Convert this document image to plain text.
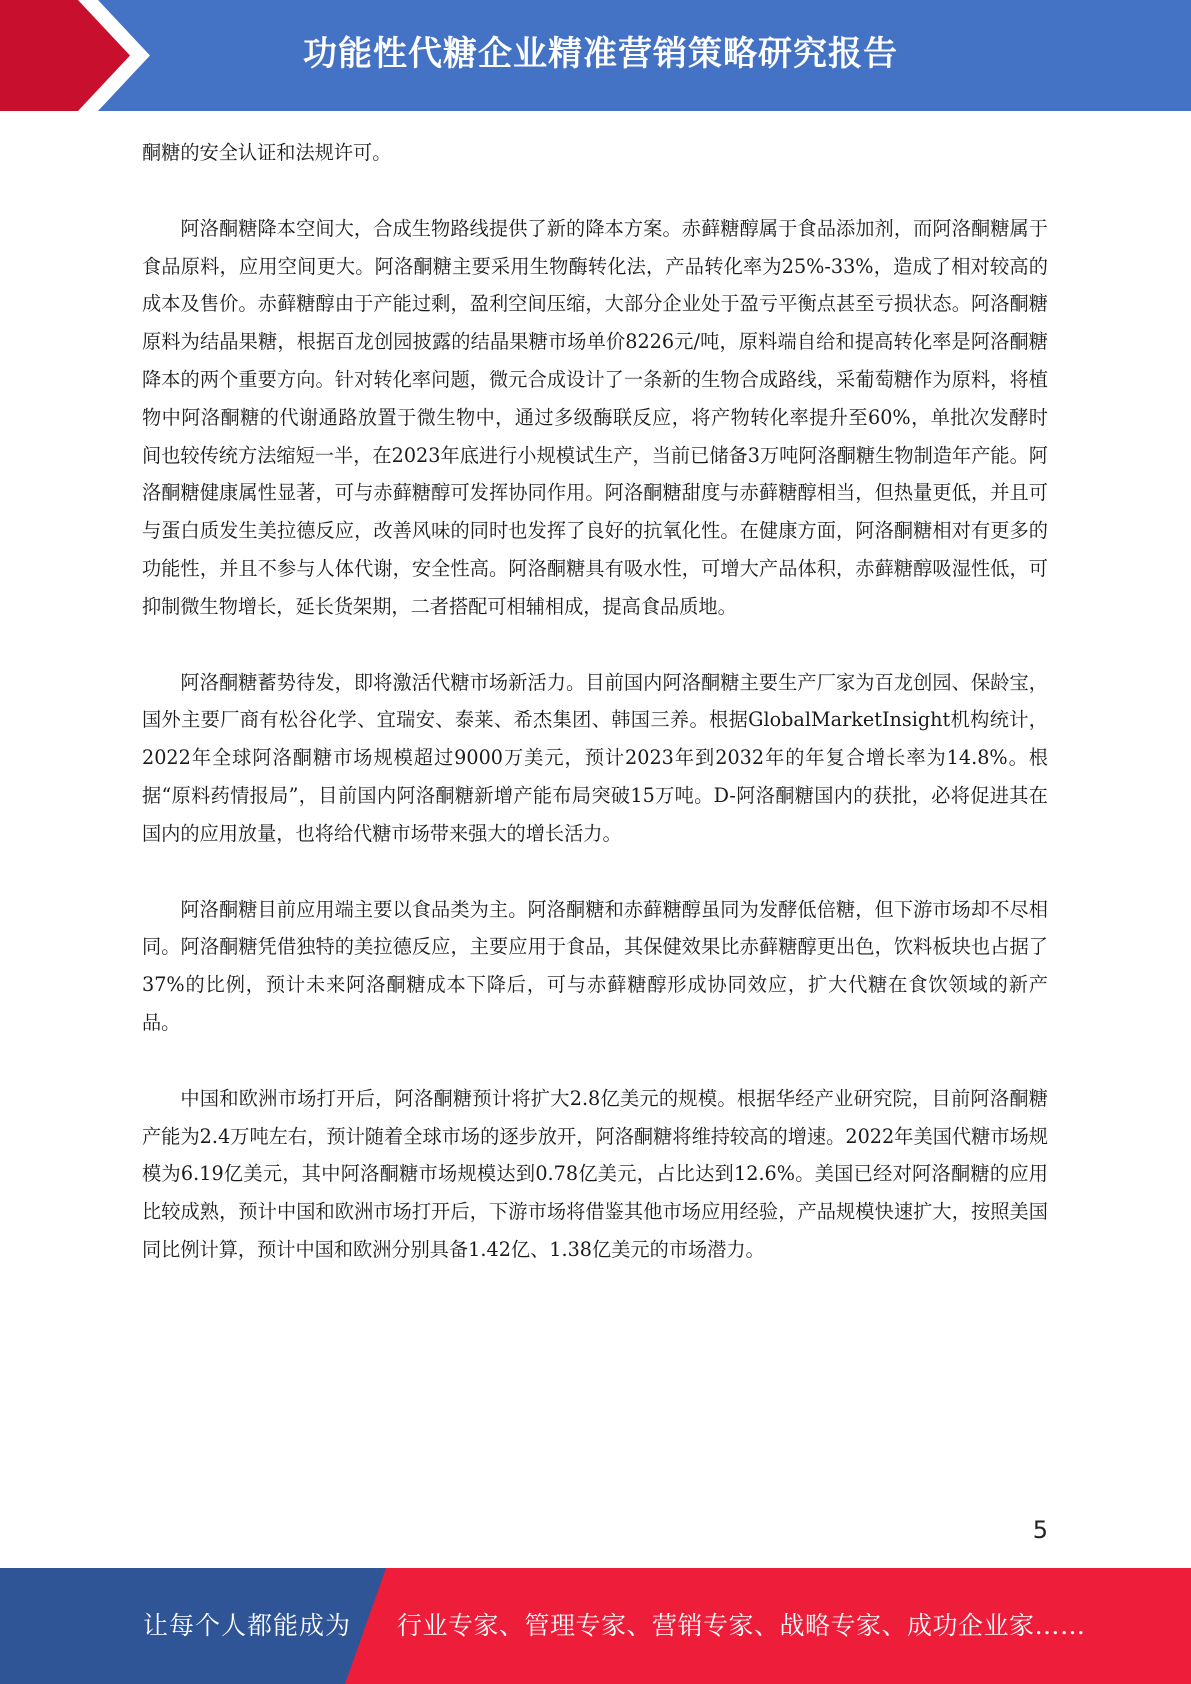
功能性代糖企业精准营销策略研究报告

酮糖的安全认证和法规许可。

阿洛酮糖降本空间大，合成生物路线提供了新的降本方案。赤藓糖醇属于食品添加剂，而阿洛酮糖属于食品原料，应用空间更大。阿洛酮糖主要采用生物酶转化法，产品转化率为25%-33%，造成了相对较高的成本及售价。赤藓糖醇由于产能过剩，盈利空间压缩，大部分企业处于盈亏平衡点甚至亏损状态。阿洛酮糖原料为结晶果糖，根据百龙创园披露的结晶果糖市场单价8226元/吨，原料端自给和提高转化率是阿洛酮糖降本的两个重要方向。针对转化率问题，微元合成设计了一条新的生物合成路线，采葡萄糖作为原料，将植物中阿洛酮糖的代谢通路放置于微生物中，通过多级酶联反应，将产物转化率提升至60%，单批次发酵时间也较传统方法缩短一半，在2023年底进行小规模试生产，当前已储备3万吨阿洛酮糖生物制造年产能。阿洛酮糖健康属性显著，可与赤藓糖醇可发挥协同作用。阿洛酮糖甜度与赤藓糖醇相当，但热量更低，并且可与蛋白质发生美拉德反应，改善风味的同时也发挥了良好的抗氧化性。在健康方面，阿洛酮糖相对有更多的功能性，并且不参与人体代谢，安全性高。阿洛酮糖具有吸水性，可增大产品体积，赤藓糖醇吸湿性低，可抑制微生物增长，延长货架期，二者搭配可相辅相成，提高食品质地。

阿洛酮糖蓄势待发，即将激活代糖市场新活力。目前国内阿洛酮糖主要生产厂家为百龙创园、保龄宝，国外主要厂商有松谷化学、宜瑞安、泰莱、希杰集团、韩国三养。根据GlobalMarketInsight机构统计，2022年全球阿洛酮糖市场规模超过9000万美元，预计2023年到2032年的年复合增长率为14.8%。根据“原料药情报局”，目前国内阿洛酮糖新增产能布局突破15万吨。D-阿洛酮糖国内的获批，必将促进其在国内的应用放量，也将给代糖市场带来强大的增长活力。

阿洛酮糖目前应用端主要以食品类为主。阿洛酮糖和赤藓糖醇虽同为发酵低倍糖，但下游市场却不尽相同。阿洛酮糖凭借独特的美拉德反应，主要应用于食品，其保健效果比赤藓糖醇更出色，饮料板块也占据了37%的比例，预计未来阿洛酮糖成本下降后，可与赤藓糖醇形成协同效应，扩大代糖在食饮领域的新产品。

中国和欧洲市场打开后，阿洛酮糖预计将扩大2.8亿美元的规模。根据华经产业研究院，目前阿洛酮糖产能为2.4万吨左右，预计随着全球市场的逐步放开，阿洛酮糖将维持较高的增速。2022年美国代糖市场规模为6.19亿美元，其中阿洛酮糖市场规模达到0.78亿美元，占比达到12.6%。美国已经对阿洛酮糖的应用比较成熟，预计中国和欧洲市场打开后，下游市场将借鉴其他市场应用经验，产品规模快速扩大，按照美国同比例计算，预计中国和欧洲分别具备1.42亿、1.38亿美元的市场潜力。

5
让每个人都能成为 行业专家、管理专家、营销专家、战略专家、成功企业家……
